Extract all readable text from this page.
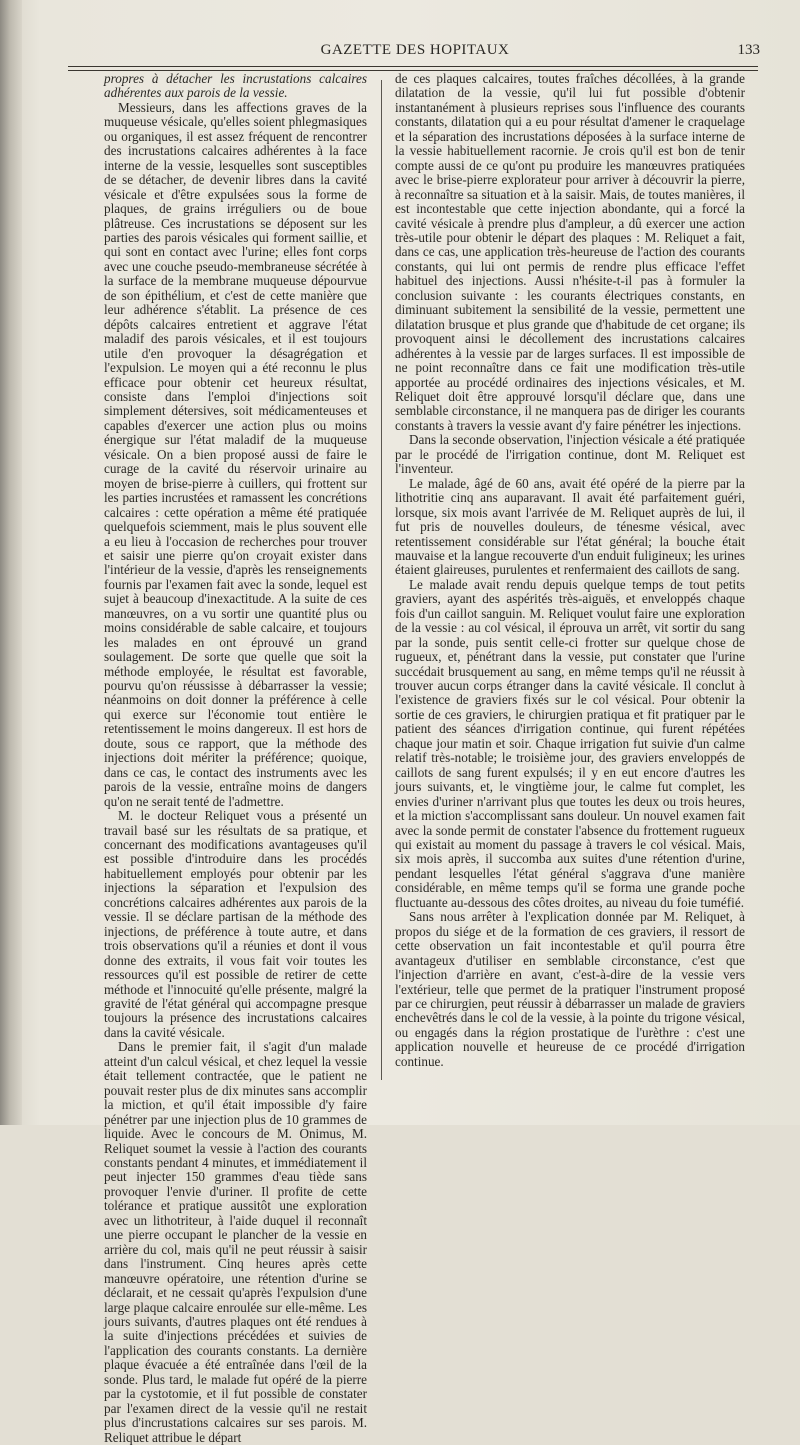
GAZETTE DES HOPITAUX	133

propres à détacher les incrustations calcaires adhérentes aux parois de la vessie.

Messieurs, dans les affections graves de la muqueuse vésicale, qu'elles soient phlegmasiques ou organiques, il est assez fréquent de rencontrer des incrustations calcaires adhérentes à la face interne de la vessie, lesquelles sont susceptibles de se détacher, de devenir libres dans la cavité vésicale et d'être expulsées sous la forme de plaques, de grains irréguliers ou de boue plâtreuse. Ces incrustations se déposent sur les parties des parois vésicales qui forment saillie, et qui sont en contact avec l'urine; elles font corps avec une couche pseudo-membraneuse sécrétée à la surface de la membrane muqueuse dépourvue de son épithélium, et c'est de cette manière que leur adhérence s'établit. La présence de ces dépôts calcaires entretient et aggrave l'état maladif des parois vésicales, et il est toujours utile d'en provoquer la désagrégation et l'expulsion. Le moyen qui a été reconnu le plus efficace pour obtenir cet heureux résultat, consiste dans l'emploi d'injections soit simplement détersives, soit médicamenteuses et capables d'exercer une action plus ou moins énergique sur l'état maladif de la muqueuse vésicale. On a bien proposé aussi de faire le curage de la cavité du réservoir urinaire au moyen de brise-pierre à cuillers, qui frottent sur les parties incrustées et ramassent les concrétions calcaires : cette opération a même été pratiquée quelquefois sciemment, mais le plus souvent elle a eu lieu à l'occasion de recherches pour trouver et saisir une pierre qu'on croyait exister dans l'intérieur de la vessie, d'après les renseignements fournis par l'examen fait avec la sonde, lequel est sujet à beaucoup d'inexactitude. A la suite de ces manœuvres, on a vu sortir une quantité plus ou moins considérable de sable calcaire, et toujours les malades en ont éprouvé un grand soulagement. De sorte que quelle que soit la méthode employée, le résultat est favorable, pourvu qu'on réussisse à débarrasser la vessie; néanmoins on doit donner la préférence à celle qui exerce sur l'économie tout entière le retentissement le moins dangereux. Il est hors de doute, sous ce rapport, que la méthode des injections doit mériter la préférence; quoique, dans ce cas, le contact des instruments avec les parois de la vessie, entraîne moins de dangers qu'on ne serait tenté de l'admettre.

M. le docteur Reliquet vous a présenté un travail basé sur les résultats de sa pratique, et concernant des modifications avantageuses qu'il est possible d'introduire dans les procédés habituellement employés pour obtenir par les injections la séparation et l'expulsion des concrétions calcaires adhérentes aux parois de la vessie. Il se déclare partisan de la méthode des injections, de préférence à toute autre, et dans trois observations qu'il a réunies et dont il vous donne des extraits, il vous fait voir toutes les ressources qu'il est possible de retirer de cette méthode et l'innocuité qu'elle présente, malgré la gravité de l'état général qui accompagne presque toujours la présence des incrustations calcaires dans la cavité vésicale.

Dans le premier fait, il s'agit d'un malade atteint d'un calcul vésical, et chez lequel la vessie était tellement contractée, que le patient ne pouvait rester plus de dix minutes sans accomplir la miction, et qu'il était impossible d'y faire pénétrer par une injection plus de 10 grammes de liquide. Avec le concours de M. Onimus, M. Reliquet soumet la vessie à l'action des courants constants pendant 4 minutes, et immédiatement il peut injecter 150 grammes d'eau tiède sans provoquer l'envie d'uriner. Il profite de cette tolérance et pratique aussitôt une exploration avec un lithotriteur, à l'aide duquel il reconnaît une pierre occupant le plancher de la vessie en arrière du col, mais qu'il ne peut réussir à saisir dans l'instrument. Cinq heures après cette manœuvre opératoire, une rétention d'urine se déclarait, et ne cessait qu'après l'expulsion d'une large plaque calcaire enroulée sur elle-même. Les jours suivants, d'autres plaques ont été rendues à la suite d'injections précédées et suivies de l'application des courants constants. La dernière plaque évacuée a été entraînée dans l'œil de la sonde. Plus tard, le malade fut opéré de la pierre par la cystotomie, et il fut possible de constater par l'examen direct de la vessie qu'il ne restait plus d'incrustations calcaires sur ses parois. M. Reliquet attribue le départ

de ces plaques calcaires, toutes fraîches décollées, à la grande dilatation de la vessie, qu'il lui fut possible d'obtenir instantanément à plusieurs reprises sous l'influence des courants constants, dilatation qui a eu pour résultat d'amener le craquelage et la séparation des incrustations déposées à la surface interne de la vessie habituellement racornie. Je crois qu'il est bon de tenir compte aussi de ce qu'ont pu produire les manœuvres pratiquées avec le brise-pierre explorateur pour arriver à découvrir la pierre, à reconnaître sa situation et à la saisir. Mais, de toutes manières, il est incontestable que cette injection abondante, qui a forcé la cavité vésicale à prendre plus d'ampleur, a dû exercer une action très-utile pour obtenir le départ des plaques : M. Reliquet a fait, dans ce cas, une application très-heureuse de l'action des courants constants, qui lui ont permis de rendre plus efficace l'effet habituel des injections. Aussi n'hésite-t-il pas à formuler la conclusion suivante : les courants électriques constants, en diminuant subitement la sensibilité de la vessie, permettent une dilatation brusque et plus grande que d'habitude de cet organe; ils provoquent ainsi le décollement des incrustations calcaires adhérentes à la vessie par de larges surfaces. Il est impossible de ne point reconnaître dans ce fait une modification très-utile apportée au procédé ordinaires des injections vésicales, et M. Reliquet doit être approuvé lorsqu'il déclare que, dans une semblable circonstance, il ne manquera pas de diriger les courants constants à travers la vessie avant d'y faire pénétrer les injections.

Dans la seconde observation, l'injection vésicale a été pratiquée par le procédé de l'irrigation continue, dont M. Reliquet est l'inventeur.

Le malade, âgé de 60 ans, avait été opéré de la pierre par la lithotritie cinq ans auparavant. Il avait été parfaitement guéri, lorsque, six mois avant l'arrivée de M. Reliquet auprès de lui, il fut pris de nouvelles douleurs, de ténesme vésical, avec retentissement considérable sur l'état général; la bouche était mauvaise et la langue recouverte d'un enduit fuligineux; les urines étaient glaireuses, purulentes et renfermaient des caillots de sang.

Le malade avait rendu depuis quelque temps de tout petits graviers, ayant des aspérités très-aiguës, et enveloppés chaque fois d'un caillot sanguin. M. Reliquet voulut faire une exploration de la vessie : au col vésical, il éprouva un arrêt, vit sortir du sang par la sonde, puis sentit celle-ci frotter sur quelque chose de rugueux, et, pénétrant dans la vessie, put constater que l'urine succédait brusquement au sang, en même temps qu'il ne réussit à trouver aucun corps étranger dans la cavité vésicale. Il conclut à l'existence de graviers fixés sur le col vésical. Pour obtenir la sortie de ces graviers, le chirurgien pratiqua et fit pratiquer par le patient des séances d'irrigation continue, qui furent répétées chaque jour matin et soir. Chaque irrigation fut suivie d'un calme relatif très-notable; le troisième jour, des graviers enveloppés de caillots de sang furent expulsés; il y en eut encore d'autres les jours suivants, et, le vingtième jour, le calme fut complet, les envies d'uriner n'arrivant plus que toutes les deux ou trois heures, et la miction s'accomplissant sans douleur. Un nouvel examen fait avec la sonde permit de constater l'absence du frottement rugueux qui existait au moment du passage à travers le col vésical. Mais, six mois après, il succomba aux suites d'une rétention d'urine, pendant lesquelles l'état général s'aggrava d'une manière considérable, en même temps qu'il se forma une grande poche fluctuante au-dessous des côtes droites, au niveau du foie tuméfié.

Sans nous arrêter à l'explication donnée par M. Reliquet, à propos du siége et de la formation de ces graviers, il ressort de cette observation un fait incontestable et qu'il pourra être avantageux d'utiliser en semblable circonstance, c'est que l'injection d'arrière en avant, c'est-à-dire de la vessie vers l'extérieur, telle que permet de la pratiquer l'instrument proposé par ce chirurgien, peut réussir à débarrasser un malade de graviers enchevêtrés dans le col de la vessie, à la pointe du trigone vésical, ou engagés dans la région prostatique de l'urèthre : c'est une application nouvelle et heureuse de ce procédé d'irrigation continue.
